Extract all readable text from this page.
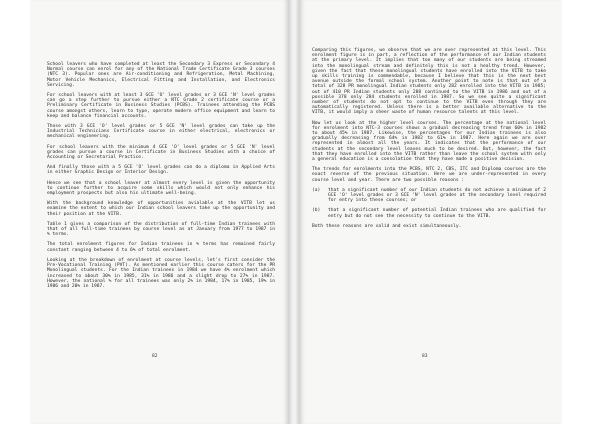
School leavers who have completed at least the Secondary 3 Express or Secondary 4 Normal course can enrol for any of the National Trade Certificate Grade 3 courses (NTC 3). Popular ones are Air-conditioning and Refrigeration, Metal Machining, Motor Vehicle Mechanics, Electrical Fitting and Installation, and Electronics Servicing.

For school leavers with at least 3 GCE 'O' level grades or 3 GCE 'N' level grades can go a step further to pursue either a NTC Grade 2 certificate course or a Preliminary Certificate in Business Studies (PCBS). Trainees attending the PCBS course amongst others, learn to type, operate modern office equipment and learn to keep and balance financial accounts.

Those with 3 GCE 'O' level grades or 5 GCE 'N' level grades can take up the Industrial Technicians Certificate course in either electrical, electronics or mechanical engineering.

For school leavers with the minimum 4 GCE 'O' level grades or 5 GCE 'N' level grades can pursue a course in Certificate in Business Studies with a choice of Accounting or Secretarial Practice.

And finally those with a 5 GCE 'O' level grades can do a diploma in Applied Arts in either Graphic Design or Interior Design.

Hence we see that a school leaver at almost every level is given the opportunity to continue further to acquire some skills which would not only enhance his employment prospects but also his ultimate well-being.

With the background knowledge of opportunities avialable at the VITB let us examine the extent to which our Indian school leavers take up the opportunity and their position at the VITB.

Table 1 gives a comparison of the distribution of full-time Indian trainees with that of all full-time trainees by course level as at January from 1977 to 1987 in % terms.

The total enrolment figures for Indian trainees in % terms has remained fairly constant ranging between 4 to 6% of total enrolment.

Looking at the breakdown of enrolment at course levels, let's first consider the Pre-Vocational Training (PVT). As mentioned earlier this course caters for the PR Monolingual students. For the Indian trainees in 1984 we have 4% enrolment which increased to about 30% in 1985, 31% in 1986 and a slight drop to 27% in 1987. However, the national % for all trainees was only 2% in 1984, 17% in 1985, 19% in 1986 and 20% in 1987.

82

Comparing this figures, we observe that we are over represented at this level. This enrolment figure is in part, a reflection of the performance of our Indian students at the primary level. It implies that too many of our students are being streamed into the monolingual stream and definitely this is not a healthy trend. However, given the fact that these monolingual students have enrolled into the VITB to take up skills training is commendable, because I believe that this is the next best avenue outside the formal school system. Another point to note is that out of a total of 328 PR monolingual Indian students only 282 enrolled into the VITB in 1985; out of 410 PR Indian students only 288 continued to the VITB in 1986 and out of a possible 378 only 284 students enrolled in 1987. So we see quite a significant number of students do not opt to continue to the VITB even through they are automatically registered. Unless there is a better available alternative to the VITB, it would imply a sheer waste of human resource talents at this level.

Now let us look at the higher level courses. The percentage at the national level for enrolment into NTC-3 courses shows a gradual decreasing trend from 60% in 1982 to about 45% in 1987. Likewise, the percentages for our Indian trainees is also gradually decreasing from 64% in 1982 to 61% in 1987. Here again we are over represented in almost all the years. It indicates that the performance of our students at the secondary level leaves much to be desired. But, however, the fact that they have enrolled into the VITB rather than leave the school system with only a general education is a consolation that they have made a positive decision.

The trends for enrolments into the PCBS, NTC 2, CBS, ITC and Diploma courses are the exact reverse of the previous situation. Here we are under-represented in every course level and year. There are two possible reasons :

(a)	that a significant number of our Indian students do not achieve a minimum of 2 GCE 'O' level grades or 3 GCE 'N' level grades at the secondary level required for entry into these courses; or
(b)	that a significant number of potential Indian trainees who are qualified for entry but do not see the necessity to continue to the VITB.

Both these reasons are valid and exist simultaneously.

83
